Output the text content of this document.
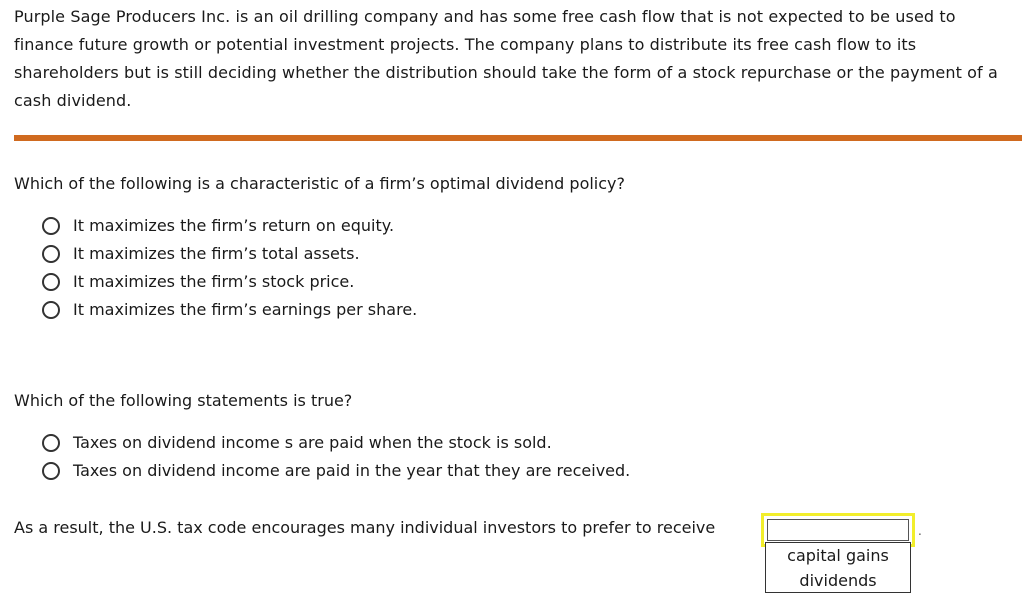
Purple Sage Producers Inc. is an oil drilling company and has some free cash flow that is not expected to be used to finance future growth or potential investment projects. The company plans to distribute its free cash flow to its shareholders but is still deciding whether the distribution should take the form of a stock repurchase or the payment of a cash dividend.
Which of the following is a characteristic of a firm’s optimal dividend policy?
It maximizes the firm’s return on equity.
It maximizes the firm’s total assets.
It maximizes the firm’s stock price.
It maximizes the firm’s earnings per share.
Which of the following statements is true?
Taxes on dividend income s are paid when the stock is sold.
Taxes on dividend income are paid in the year that they are received.
As a result, the U.S. tax code encourages many individual investors to prefer to receive	.
capital gains
dividends
